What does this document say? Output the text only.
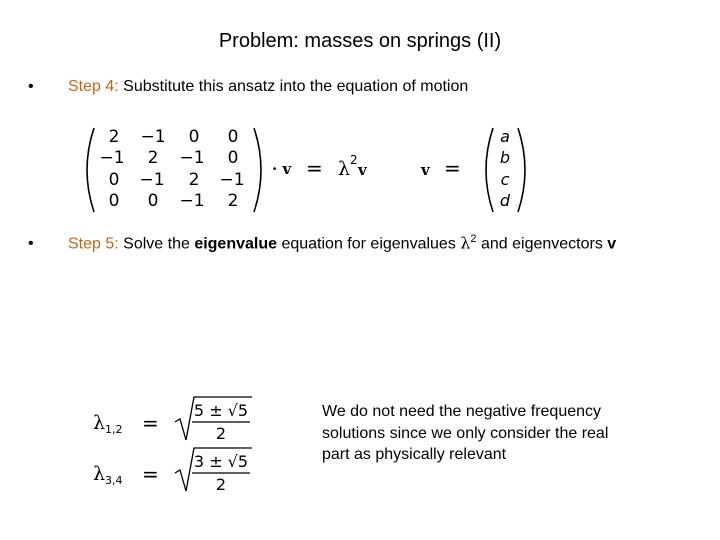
Problem: masses on springs (II)
• Step 4: Substitute this ansatz into the equation of motion
2 −1 0 0
−1 2 −1 0
0 −1 2 −1
0 0 −1 2
· v = λ 2
v	v =
a
b
c
d
• Step 5: Solve the eigenvalue equation for eigenvalues $\lambda^2$ and eigenvectors v
λ 1,2 =
5 ± √5
2
λ 3,4 =
3 ± √5
2
We do not need the negative frequency solutions since we only consider the real part as physically relevant
